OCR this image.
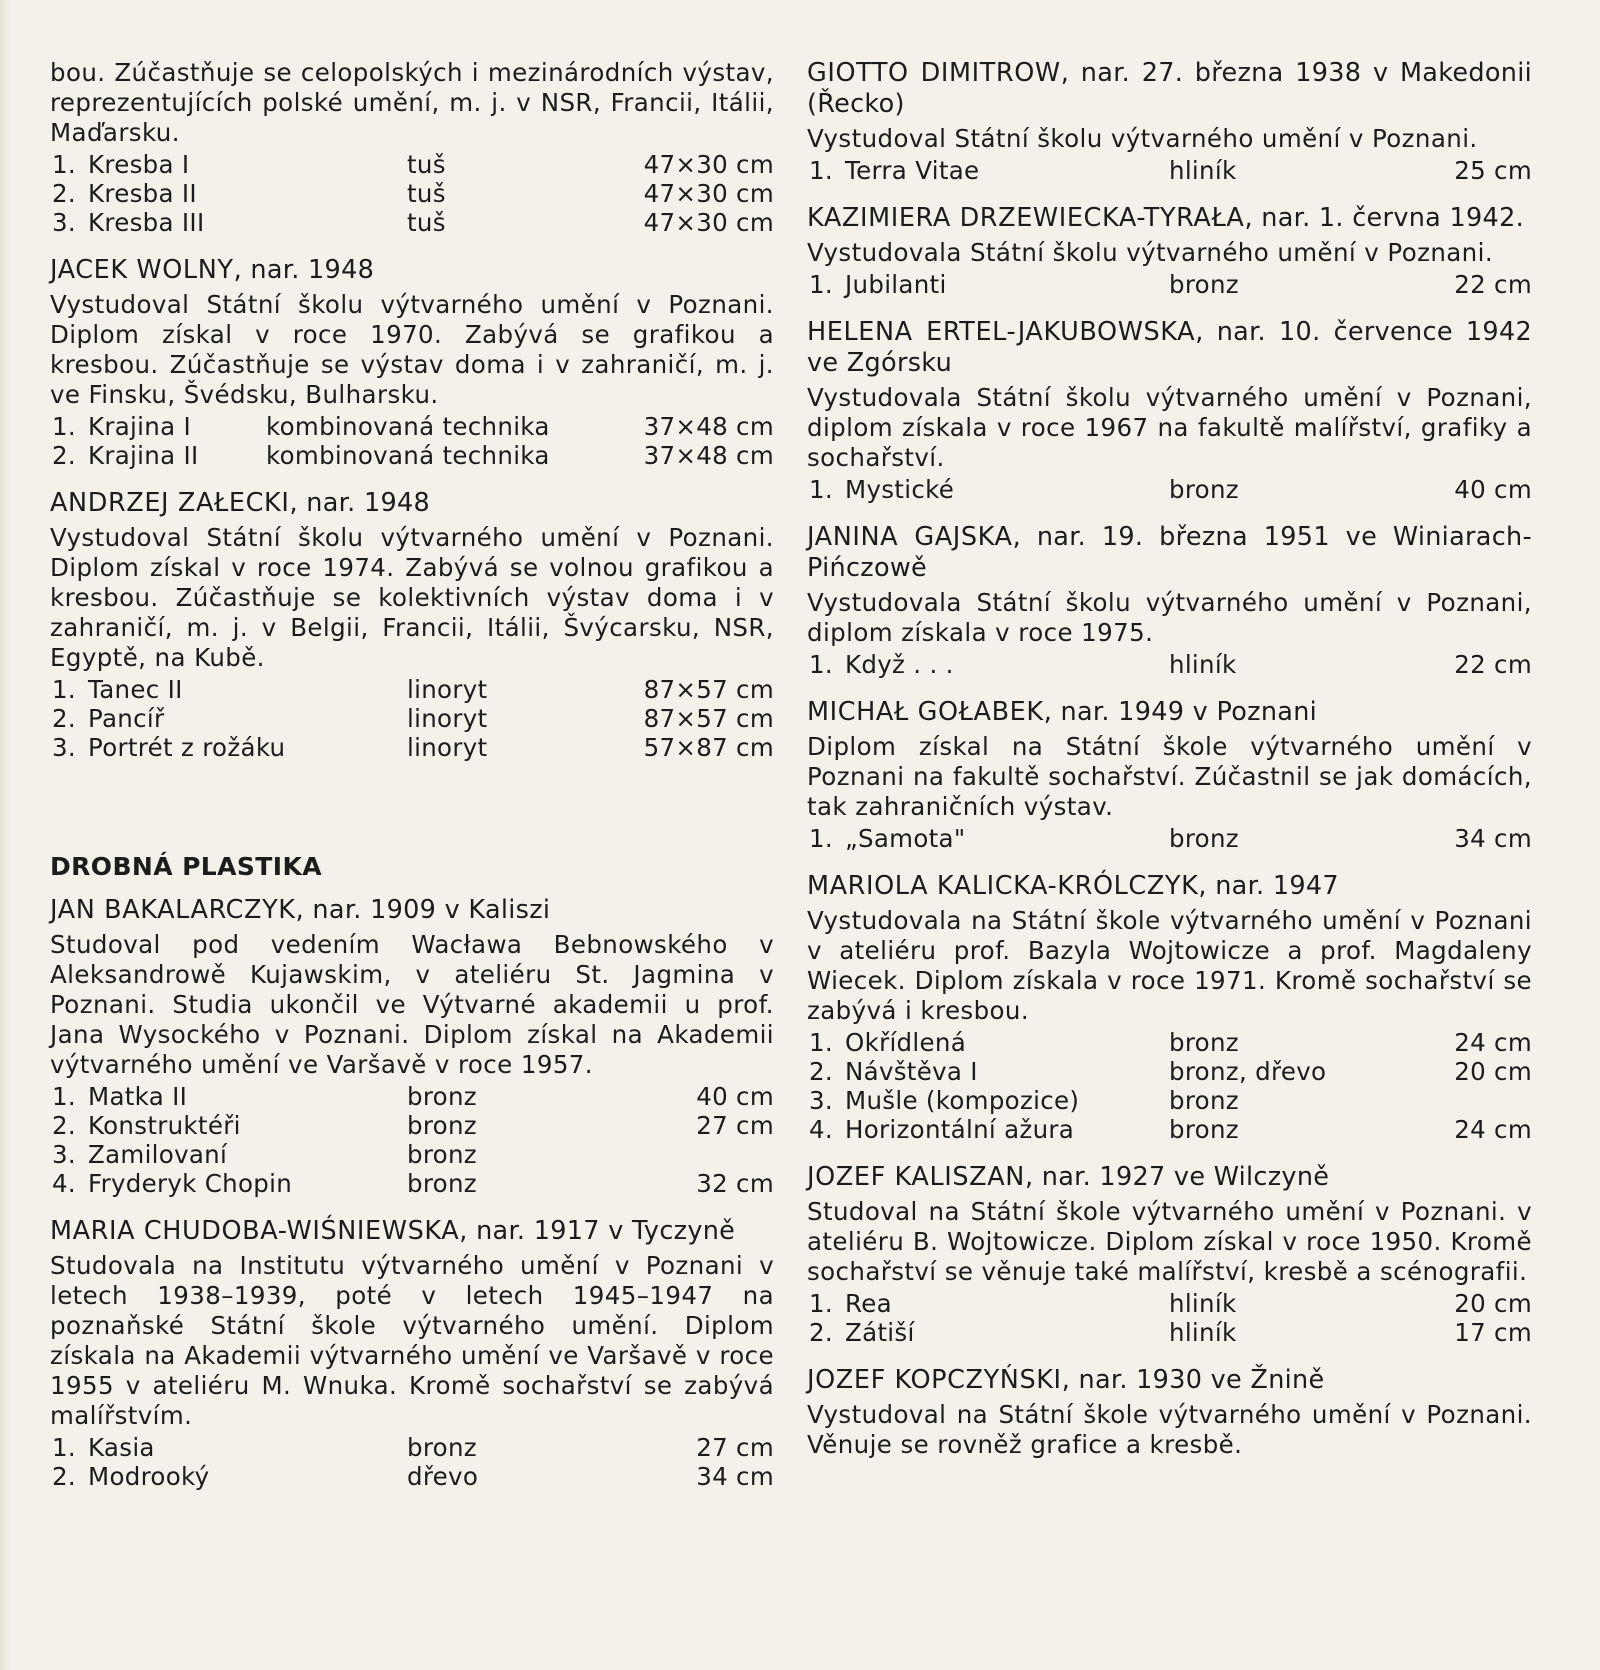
bou. Zúčastňuje se celopolských i mezinárodních výstav, reprezentujících polské umění, m. j. v NSR, Francii, Itálii, Maďarsku.
1. Kresba I	tuš	47×30 cm
2. Kresba II	tuš	47×30 cm
3. Kresba III	tuš	47×30 cm
JACEK WOLNY, nar. 1948
Vystudoval Státní školu výtvarného umění v Poznani. Diplom získal v roce 1970. Zabývá se grafikou a kresbou. Zúčastňuje se výstav doma i v zahraničí, m. j. ve Finsku, Švédsku, Bulharsku.
1. Krajina I	kombinovaná technika	37×48 cm
2. Krajina II	kombinovaná technika	37×48 cm
ANDRZEJ ZAŁECKI, nar. 1948
Vystudoval Státní školu výtvarného umění v Poznani. Diplom získal v roce 1974. Zabývá se volnou grafikou a kresbou. Zúčastňuje se kolektivních výstav doma i v zahraničí, m. j. v Belgii, Francii, Itálii, Švýcarsku, NSR, Egyptě, na Kubě.
1. Tanec II	linoryt	87×57 cm
2. Pancíř	linoryt	87×57 cm
3. Portrét z rožáku	linoryt	57×87 cm
DROBNÁ PLASTIKA
JAN BAKALARCZYK, nar. 1909 v Kaliszi
Studoval pod vedením Wacława Bebnowského v Aleksandrowě Kujawskim, v ateliéru St. Jagmina v Poznani. Studia ukončil ve Výtvarné akademii u prof. Jana Wysockého v Poznani. Diplom získal na Akademii výtvarného umění ve Varšavě v roce 1957.
1. Matka II	bronz	40 cm
2. Konstruktéři	bronz	27 cm
3. Zamilovaní	bronz
4. Fryderyk Chopin	bronz	32 cm
MARIA CHUDOBA-WIŚNIEWSKA, nar. 1917 v Tyczyně
Studovala na Institutu výtvarného umění v Poznani v letech 1938–1939, poté v letech 1945–1947 na poznaňské Státní škole výtvarného umění. Diplom získala na Akademii výtvarného umění ve Varšavě v roce 1955 v ateliéru M. Wnuka. Kromě sochařství se zabývá malířstvím.
1. Kasia	bronz	27 cm
2. Modrooký	dřevo	34 cm
GIOTTO DIMITROW, nar. 27. března 1938 v Makedonii (Řecko)
Vystudoval Státní školu výtvarného umění v Poznani.
1. Terra Vitae	hliník	25 cm
KAZIMIERA DRZEWIECKA-TYRAŁA, nar. 1. června 1942.
Vystudovala Státní školu výtvarného umění v Poznani.
1. Jubilanti	bronz	22 cm
HELENA ERTEL-JAKUBOWSKA, nar. 10. července 1942 ve Zgórsku
Vystudovala Státní školu výtvarného umění v Poznani, diplom získala v roce 1967 na fakultě malířství, grafiky a sochařství.
1. Mystické	bronz	40 cm
JANINA GAJSKA, nar. 19. března 1951 ve Winiarach-Pińczowě
Vystudovala Státní školu výtvarného umění v Poznani, diplom získala v roce 1975.
1. Když . . .	hliník	22 cm
MICHAŁ GOŁABEK, nar. 1949 v Poznani
Diplom získal na Státní škole výtvarného umění v Poznani na fakultě sochařství. Zúčastnil se jak domácích, tak zahraničních výstav.
1. „Samota"	bronz	34 cm
MARIOLA KALICKA-KRÓLCZYK, nar. 1947
Vystudovala na Státní škole výtvarného umění v Poznani v ateliéru prof. Bazyla Wojtowicze a prof. Magdaleny Wiecek. Diplom získala v roce 1971. Kromě sochařství se zabývá i kresbou.
1. Okřídlená	bronz	24 cm
2. Návštěva I	bronz, dřevo	20 cm
3. Mušle (kompozice)	bronz
4. Horizontální ažura	bronz	24 cm
JOZEF KALISZAN, nar. 1927 ve Wilczyně
Studoval na Státní škole výtvarného umění v Poznani. v ateliéru B. Wojtowicze. Diplom získal v roce 1950. Kromě sochařství se věnuje také malířství, kresbě a scénografii.
1. Rea	hliník	20 cm
2. Zátiší	hliník	17 cm
JOZEF KOPCZYŃSKI, nar. 1930 ve Žnině
Vystudoval na Státní škole výtvarného umění v Poznani. Věnuje se rovněž grafice a kresbě.
